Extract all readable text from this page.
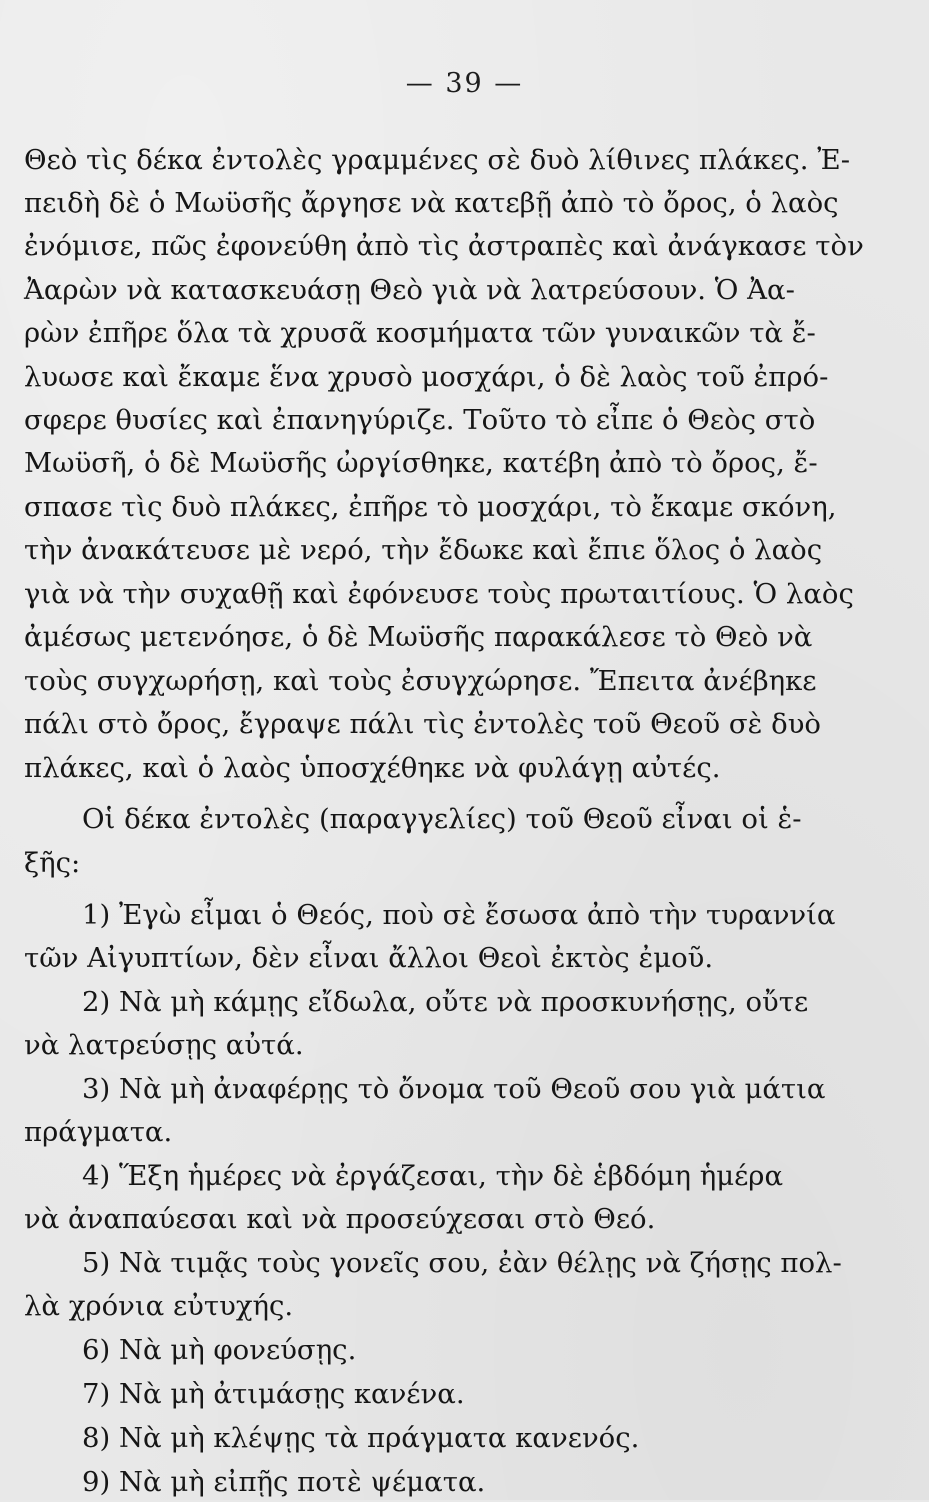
— 39 —
Θεὸ τὶς δέκα ἐντολὲς γραμμένες σὲ δυὸ λίθινες πλάκες. Ἐ-
πειδὴ δὲ ὁ Μωϋσῆς ἄργησε νὰ κατεβῇ ἀπὸ τὸ ὄρος, ὁ λαὸς
ἐνόμισε, πῶς ἐφονεύθη ἀπὸ τὶς ἀστραπὲς καὶ ἀνάγκασε τὸν
Ἀαρὼν νὰ κατασκευάσῃ Θεὸ γιὰ νὰ λατρεύσουν. Ὁ Ἀα-
ρὼν ἐπῆρε ὅλα τὰ χρυσᾶ κοσμήματα τῶν γυναικῶν τὰ ἔ-
λυωσε καὶ ἔκαμε ἕνα χρυσὸ μοσχάρι, ὁ δὲ λαὸς τοῦ ἐπρό-
σφερε θυσίες καὶ ἐπανηγύριζε. Τοῦτο τὸ εἶπε ὁ Θεὸς στὸ
Μωϋσῆ, ὁ δὲ Μωϋσῆς ὠργίσθηκε, κατέβη ἀπὸ τὸ ὄρος, ἔ-
σπασε τὶς δυὸ πλάκες, ἐπῆρε τὸ μοσχάρι, τὸ ἔκαμε σκόνη,
τὴν ἀνακάτευσε μὲ νερό, τὴν ἔδωκε καὶ ἔπιε ὅλος ὁ λαὸς
γιὰ νὰ τὴν συχαθῇ καὶ ἐφόνευσε τοὺς πρωταιτίους. Ὁ λαὸς
ἀμέσως μετενόησε, ὁ δὲ Μωϋσῆς παρακάλεσε τὸ Θεὸ νὰ
τοὺς συγχωρήσῃ, καὶ τοὺς ἐσυγχώρησε. Ἔπειτα ἀνέβηκε
πάλι στὸ ὄρος, ἔγραψε πάλι τὶς ἐντολὲς τοῦ Θεοῦ σὲ δυὸ
πλάκες, καὶ ὁ λαὸς ὑποσχέθηκε νὰ φυλάγῃ αὐτές.
Οἱ δέκα ἐντολὲς (παραγγελίες) τοῦ Θεοῦ εἶναι οἱ ἑ-
ξῆς:
1) Ἐγὼ εἶμαι ὁ Θεός, ποὺ σὲ ἔσωσα ἀπὸ τὴν τυραννία
τῶν Αἰγυπτίων, δὲν εἶναι ἄλλοι Θεοὶ ἐκτὸς ἐμοῦ.
2) Νὰ μὴ κάμῃς εἴδωλα, οὔτε νὰ προσκυνήσῃς, οὔτε
νὰ λατρεύσῃς αὐτά.
3) Νὰ μὴ ἀναφέρῃς τὸ ὄνομα τοῦ Θεοῦ σου γιὰ μάτια
πράγματα.
4) Ἕξη ἡμέρες νὰ ἐργάζεσαι, τὴν δὲ ἑβδόμη ἡμέρα
νὰ ἀναπαύεσαι καὶ νὰ προσεύχεσαι στὸ Θεό.
5) Νὰ τιμᾷς τοὺς γονεῖς σου, ἐὰν θέλῃς νὰ ζήσῃς πολ-
λὰ χρόνια εὐτυχής.
6) Νὰ μὴ φονεύσῃς.
7) Νὰ μὴ ἀτιμάσῃς κανένα.
8) Νὰ μὴ κλέψῃς τὰ πράγματα κανενός.
9) Νὰ μὴ εἰπῇς ποτὲ ψέματα.
